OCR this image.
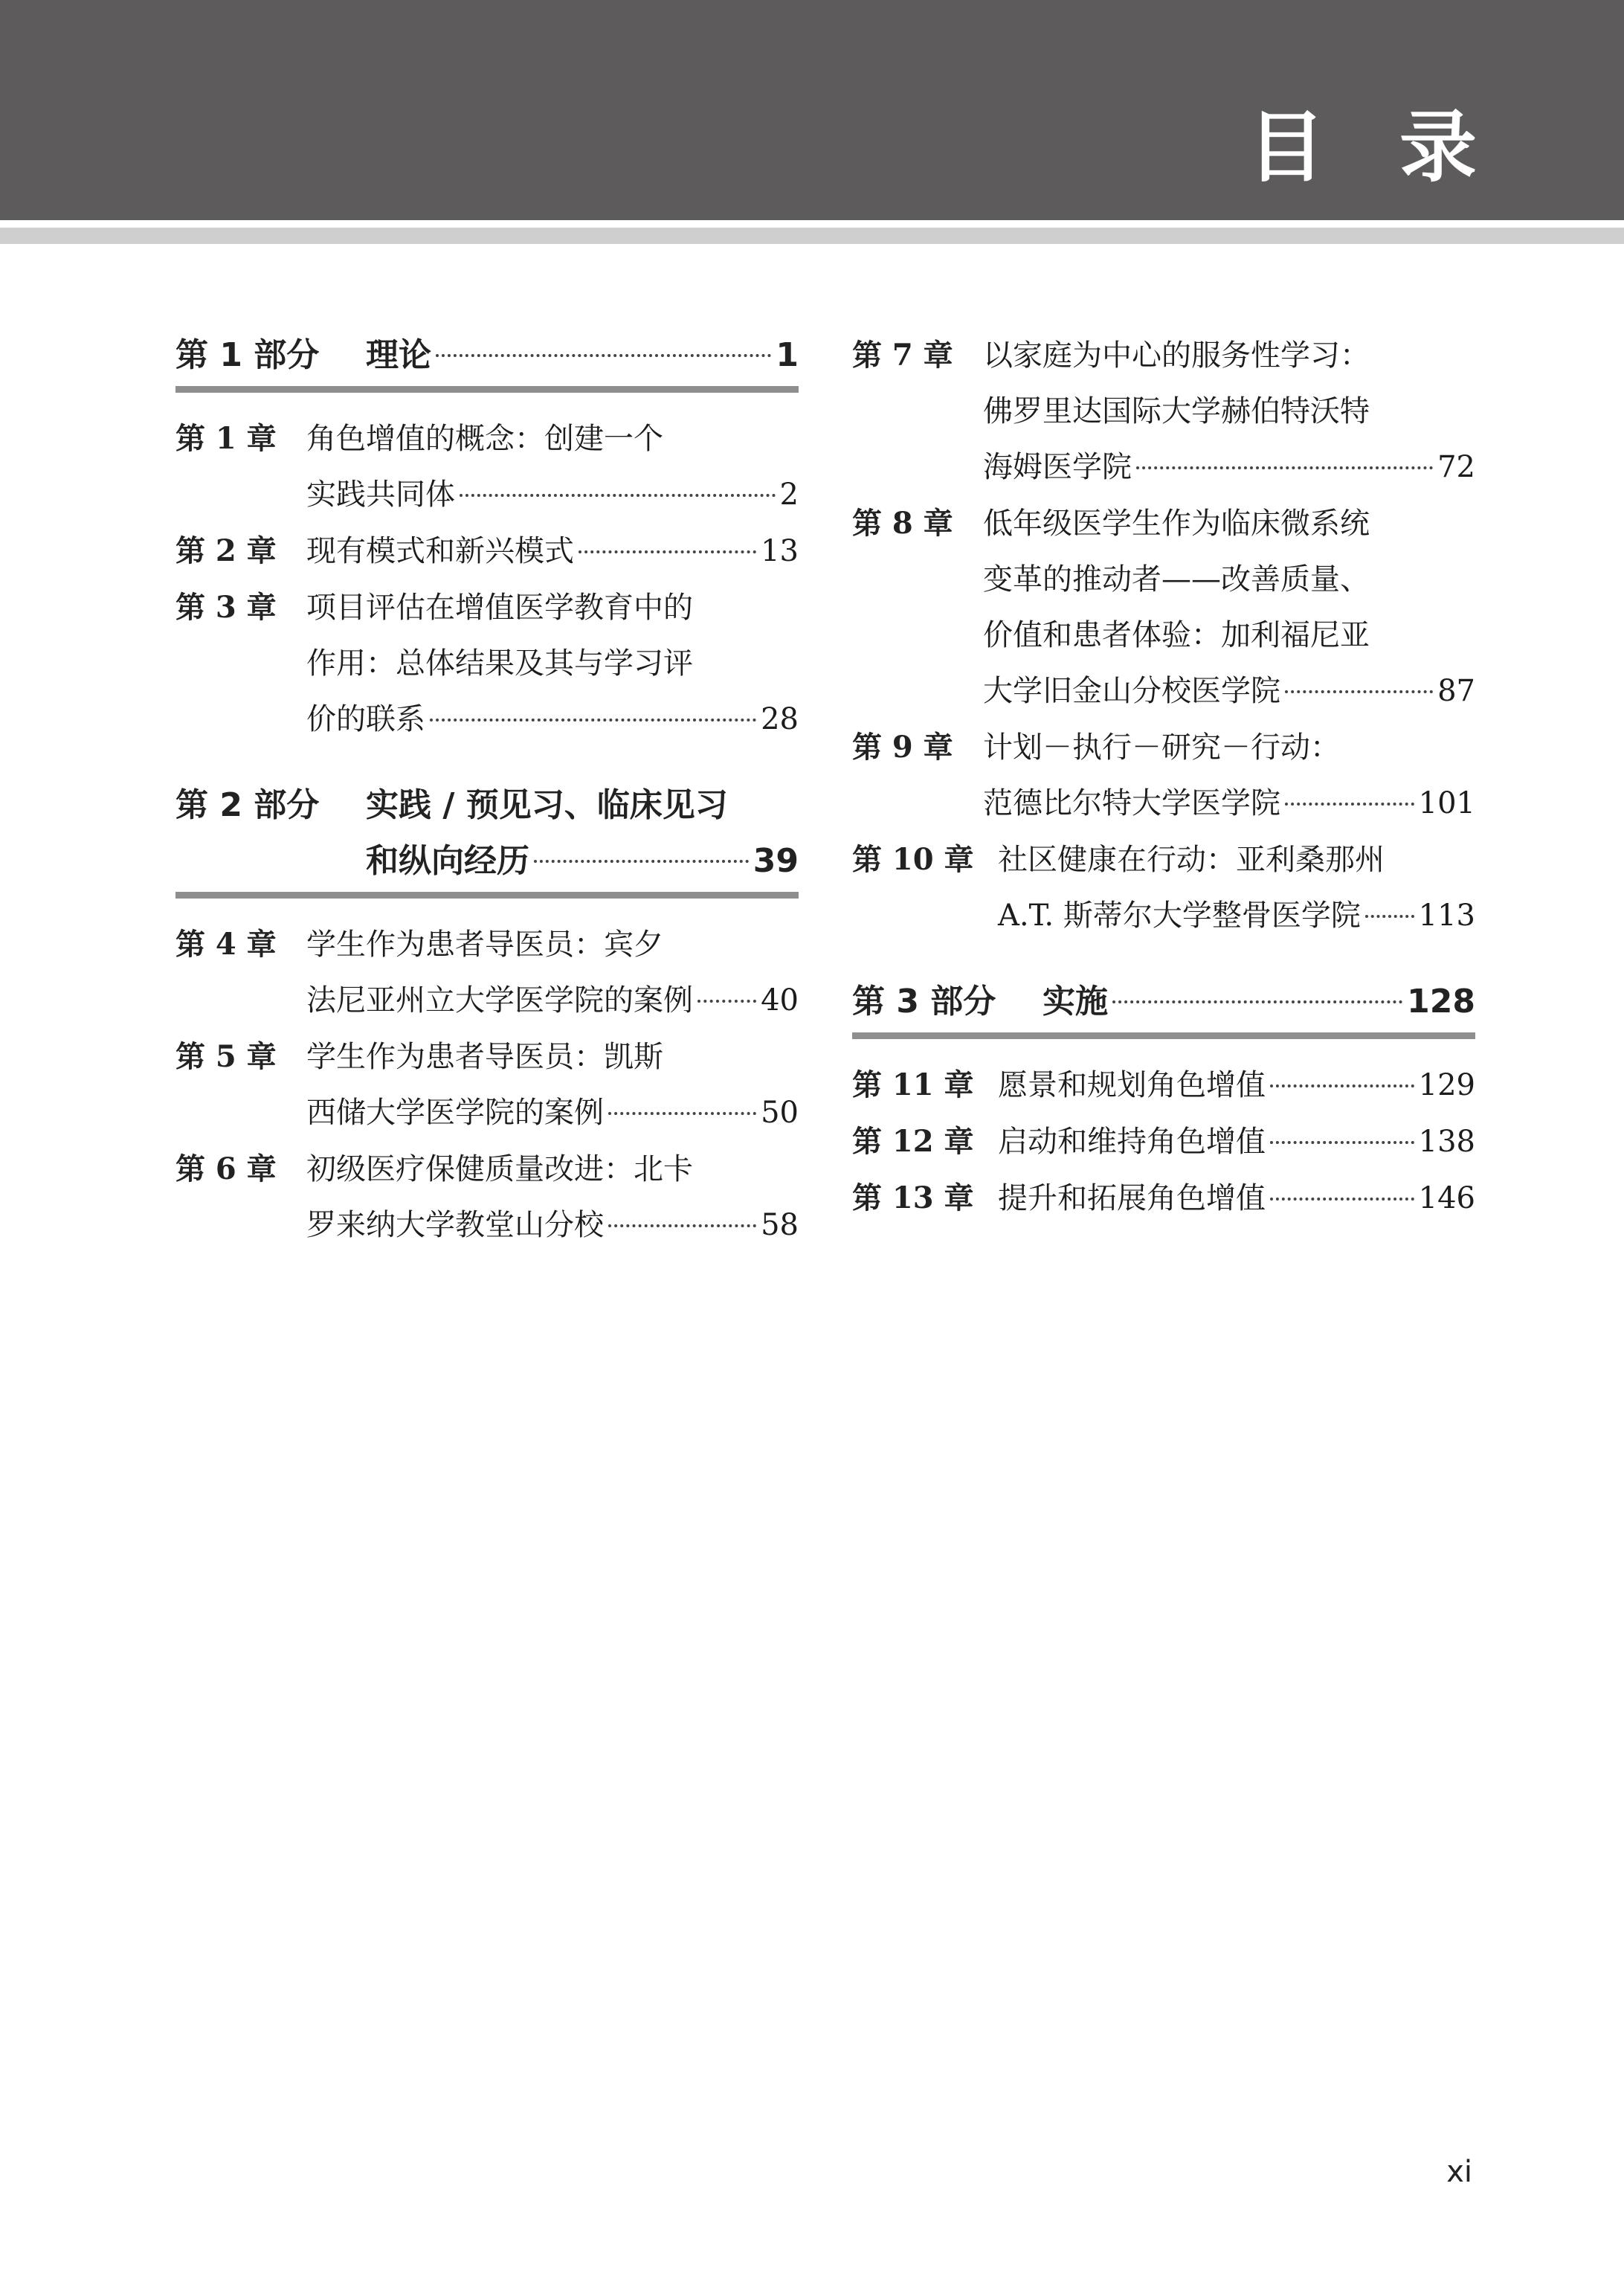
目录
第 1 部分	理论	1
第 1 章	角色增值的概念：创建一个
实践共同体	2
第 2 章	现有模式和新兴模式	13
第 3 章	项目评估在增值医学教育中的
作用：总体结果及其与学习评
价的联系	28
第 2 部分	实践 / 预见习、临床见习
和纵向经历	39
第 4 章	学生作为患者导医员：宾夕
法尼亚州立大学医学院的案例 40
第 5 章	学生作为患者导医员：凯斯
西储大学医学院的案例	50
第 6 章	初级医疗保健质量改进：北卡
罗来纳大学教堂山分校	58
第 7 章	以家庭为中心的服务性学习：
佛罗里达国际大学赫伯特沃特
海姆医学院	72
第 8 章	低年级医学生作为临床微系统
变革的推动者——改善质量、
价值和患者体验：加利福尼亚
大学旧金山分校医学院	87
第 9 章	计划－执行－研究－行动：
范德比尔特大学医学院	101
第 10 章 社区健康在行动：亚利桑那州
A.T. 斯蒂尔大学整骨医学院 113
第 3 部分	实施	128
第 11 章 愿景和规划角色增值	129
第 12 章 启动和维持角色增值	138
第 13 章 提升和拓展角色增值	146
xi
